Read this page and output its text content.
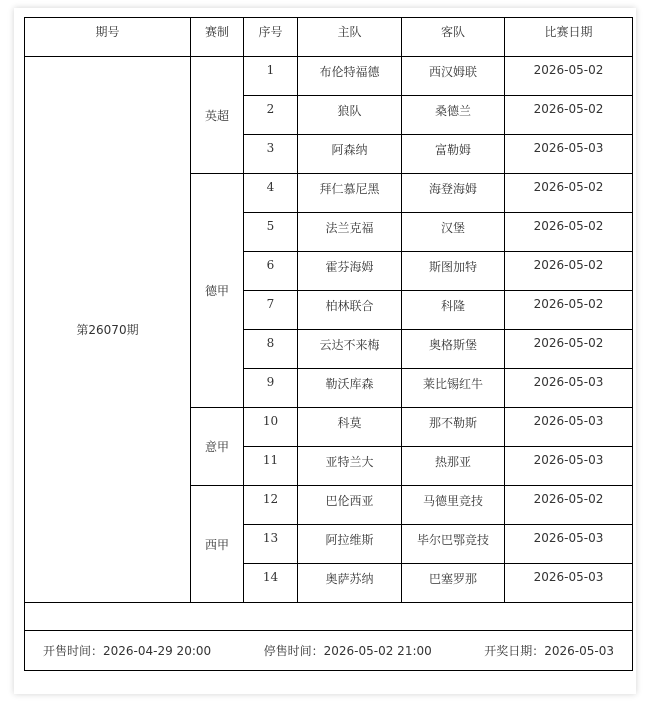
期号	赛制	序号	主队	客队	比赛日期
第26070期	英超	1	布伦特福德	西汉姆联	2026-05-02
		2	狼队	桑德兰	2026-05-02
		3	阿森纳	富勒姆	2026-05-03
	德甲	4	拜仁慕尼黑	海登海姆	2026-05-02
		5	法兰克福	汉堡	2026-05-02
		6	霍芬海姆	斯图加特	2026-05-02
		7	柏林联合	科隆	2026-05-02
		8	云达不来梅	奥格斯堡	2026-05-02
		9	勒沃库森	莱比锡红牛	2026-05-03
	意甲	10	科莫	那不勒斯	2026-05-03
		11	亚特兰大	热那亚	2026-05-03
	西甲	12	巴伦西亚	马德里竞技	2026-05-02
		13	阿拉维斯	毕尔巴鄂竞技	2026-05-03
		14	奥萨苏纳	巴塞罗那	2026-05-03

开售时间：2026-04-29 20:00 停售时间：2026-05-02 21:00 开奖日期：2026-05-03					
